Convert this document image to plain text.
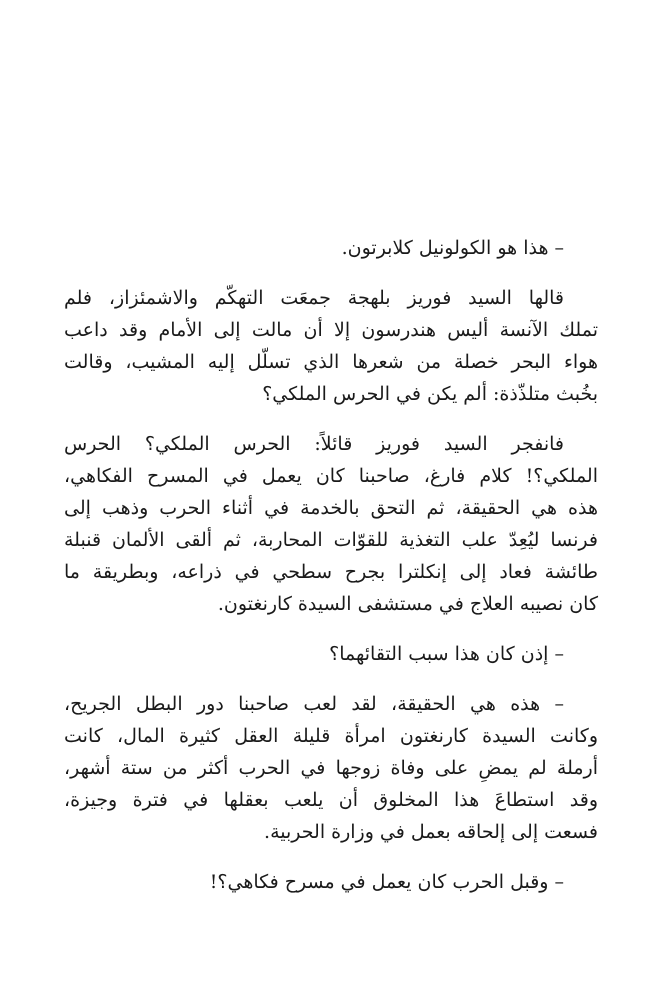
– هذا هو الكولونيل كلابرتون.

قالها السيد فوريز بلهجة جمعَت التهكّم والاشمئزاز، فلم
تملك الآنسة أليس هندرسون إلا أن مالت إلى الأمام وقد داعب
هواء البحر خصلة من شعرها الذي تسلّل إليه المشيب، وقالت
بخُبث متلذّذة: ألم يكن في الحرس الملكي؟

فانفجر السيد فوريز قائلاً: الحرس الملكي؟ الحرس
الملكي؟! كلام فارغ، صاحبنا كان يعمل في المسرح الفكاهي،
هذه هي الحقيقة، ثم التحق بالخدمة في أثناء الحرب وذهب إلى
فرنسا ليُعِدّ علب التغذية للقوّات المحاربة، ثم ألقى الألمان قنبلة
طائشة فعاد إلى إنكلترا بجرح سطحي في ذراعه، وبطريقة ما
كان نصيبه العلاج في مستشفى السيدة كارنغتون.

– إذن كان هذا سبب التقائهما؟

– هذه هي الحقيقة، لقد لعب صاحبنا دور البطل الجريح،
وكانت السيدة كارنغتون امرأة قليلة العقل كثيرة المال، كانت
أرملة لم يمضِ على وفاة زوجها في الحرب أكثر من ستة أشهر،
وقد استطاعَ هذا المخلوق أن يلعب بعقلها في فترة وجيزة،
فسعت إلى إلحاقه بعمل في وزارة الحربية.

– وقبل الحرب كان يعمل في مسرح فكاهي؟!
